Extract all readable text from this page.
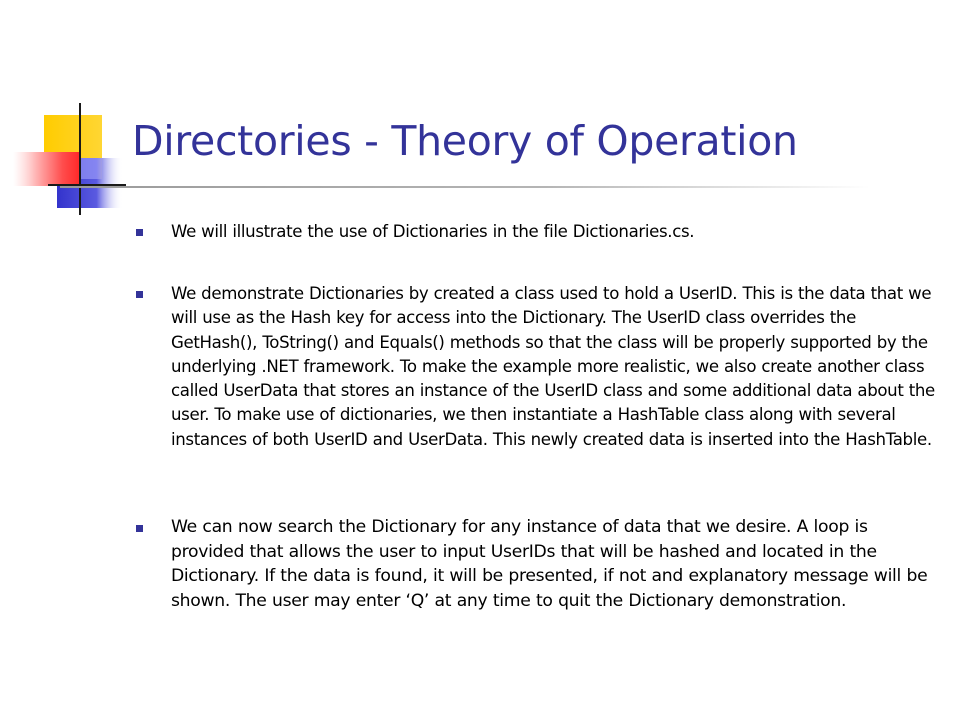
Directories - Theory of Operation

We will illustrate the use of Dictionaries in the file Dictionaries.cs.

We demonstrate Dictionaries by created a class used to hold a UserID. This is the data that we will use as the Hash key for access into the Dictionary. The UserID class overrides the GetHash(), ToString() and Equals() methods so that the class will be properly supported by the underlying .NET framework. To make the example more realistic, we also create another class called UserData that stores an instance of the UserID class and some additional data about the user. To make use of dictionaries, we then instantiate a HashTable class along with several instances of both UserID and UserData. This newly created data is inserted into the HashTable.

We can now search the Dictionary for any instance of data that we desire. A loop is provided that allows the user to input UserIDs that will be hashed and located in the Dictionary. If the data is found, it will be presented, if not and explanatory message will be shown. The user may enter ‘Q’ at any time to quit the Dictionary demonstration.
